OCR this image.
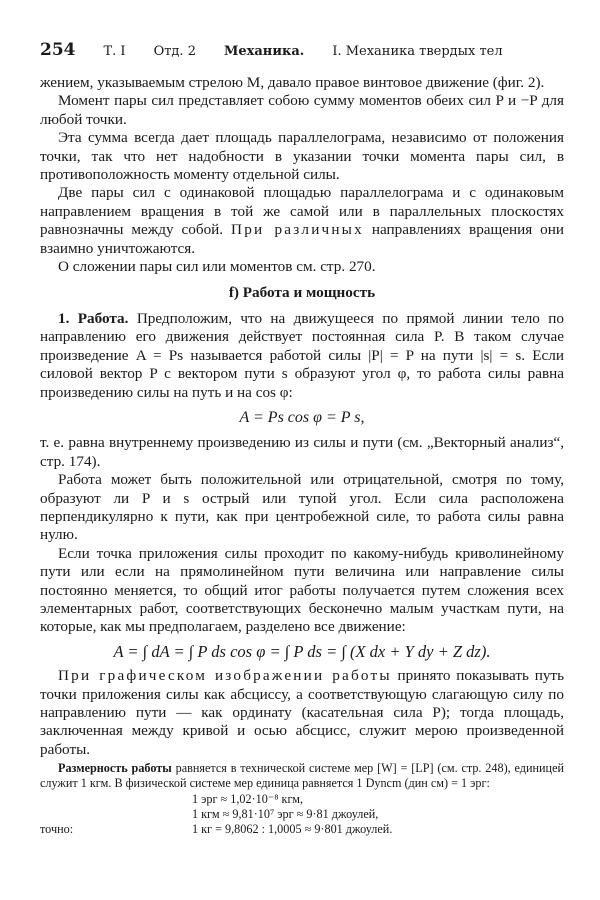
254 Т. I Отд. 2 Механика. I. Механика твердых тел

жением, указываемым стрелою M, давало правое винтовое движение (фиг. 2).

Момент пары сил представляет собою сумму моментов обеих сил P и −P для любой точки.

Эта сумма всегда дает площадь параллелограма, независимо от положения точки, так что нет надобности в указании точки момента пары сил, в противоположность моменту отдельной силы.

Две пары сил с одинаковой площадью параллелограма и с одинаковым направлением вращения в той же самой или в параллельных плоскостях равнозначны между собой. При различных направлениях вращения они взаимно уничтожаются.

О сложении пары сил или моментов см. стр. 270.

f) Работа и мощность

1. Работа. Предположим, что на движущееся по прямой линии тело по направлению его движения действует постоянная сила P. В таком случае произведение A = Ps называется работой силы |P| = P на пути |s| = s. Если силовой вектор P с вектором пути s образуют угол φ, то работа силы равна произведению силы на путь и на cos φ:

A = Ps cos φ = P s,

т. е. равна внутреннему произведению из силы и пути (см. „Векторный анализ“, стр. 174).

Работа может быть положительной или отрицательной, смотря по тому, образуют ли P и s острый или тупой угол. Если сила расположена перпендикулярно к пути, как при центробежной силе, то работа силы равна нулю.

Если точка приложения силы проходит по какому-нибудь криволинейному пути или если на прямолинейном пути величина или направление силы постоянно меняется, то общий итог работы получается путем сложения всех элементарных работ, соответствующих бесконечно малым участкам пути, на которые, как мы предполагаем, разделено все движение:

A = ∫ dA = ∫ P ds cos φ = ∫ P ds = ∫ (X dx + Y dy + Z dz).

При графическом изображении работы принято показывать путь точки приложения силы как абсциссу, а соответствующую слагающую силу по направлению пути — как ординату (касательная сила P); тогда площадь, заключенная между кривой и осью абсцисс, служит мерою произведенной работы.

Размерность работы равняется в технической системе мер [W] = [LP] (см. стр. 248), единицей служит 1 кгм. В физической системе мер единица равняется 1 Dyncm (дин см) = 1 эрг:

1 эрг ≈ 1,02·10⁻⁸ кгм,
1 кгм ≈ 9,81·10⁷ эрг ≈ 9·81 джоулей,
точно:	1 кг = 9,8062 : 1,0005 ≈ 9·801 джоулей.
